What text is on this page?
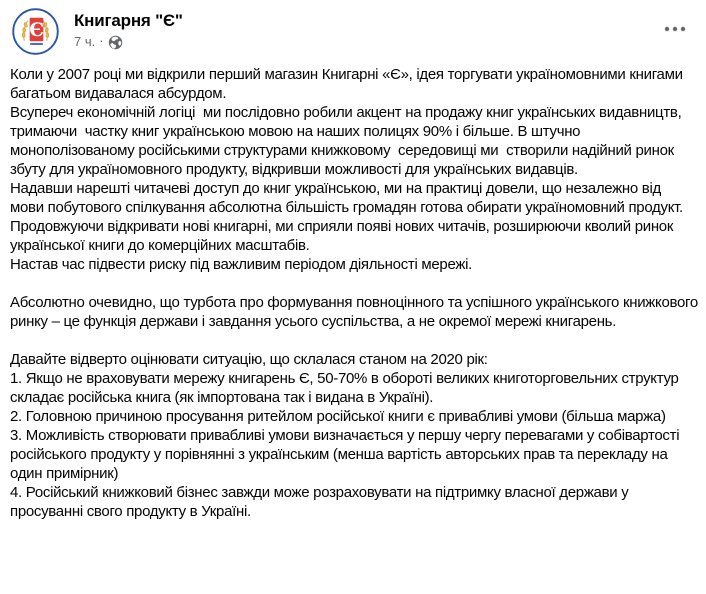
Є Книгарня "Є"
7 ч. ·

Коли у 2007 році ми відкрили перший магазин Книгарні «Є», ідея торгувати україномовними книгами багатьом видавалася абсурдом.

Всупереч економічній логіці  ми послідовно робили акцент на продажу книг українських видавництв, тримаючи  частку книг українською мовою на наших полицях 90% і більше. В штучно монополізованому російськими структурами книжковому  середовищі ми  створили надійний ринок збуту для україномовного продукту, відкривши можливості для українських видавців.

Надавши нарешті читачеві доступ до книг українською, ми на практиці довели, що незалежно від мови побутового спілкування абсолютна більшість громадян готова обирати україномовний продукт.

Продовжуючи відкривати нові книгарні, ми сприяли появі нових читачів, розширюючи кволий ринок української книги до комерційних масштабів.

Настав час підвести риску під важливим періодом діяльності мережі.

Абсолютно очевидно, що турбота про формування повноцінного та успішного українського книжкового ринку – це функція держави і завдання усього суспільства, а не окремої мережі книгарень.

Давайте відверто оцінювати ситуацію, що склалася станом на 2020 рік:

1. Якщо не враховувати мережу книгарень Є, 50-70% в обороті великих книготорговельних структур складає російська книга (як імпортована так і видана в Україні).

2. Головною причиною просування ритейлом російської книги є привабливі умови (більша маржа)

3. Можливість створювати привабливі умови визначається у першу чергу перевагами у собівартості російського продукту у порівнянні з українським (менша вартість авторських прав та перекладу на один примірник)

4. Російський книжковий бізнес завжди може розраховувати на підтримку власної держави у просуванні свого продукту в Україні.
